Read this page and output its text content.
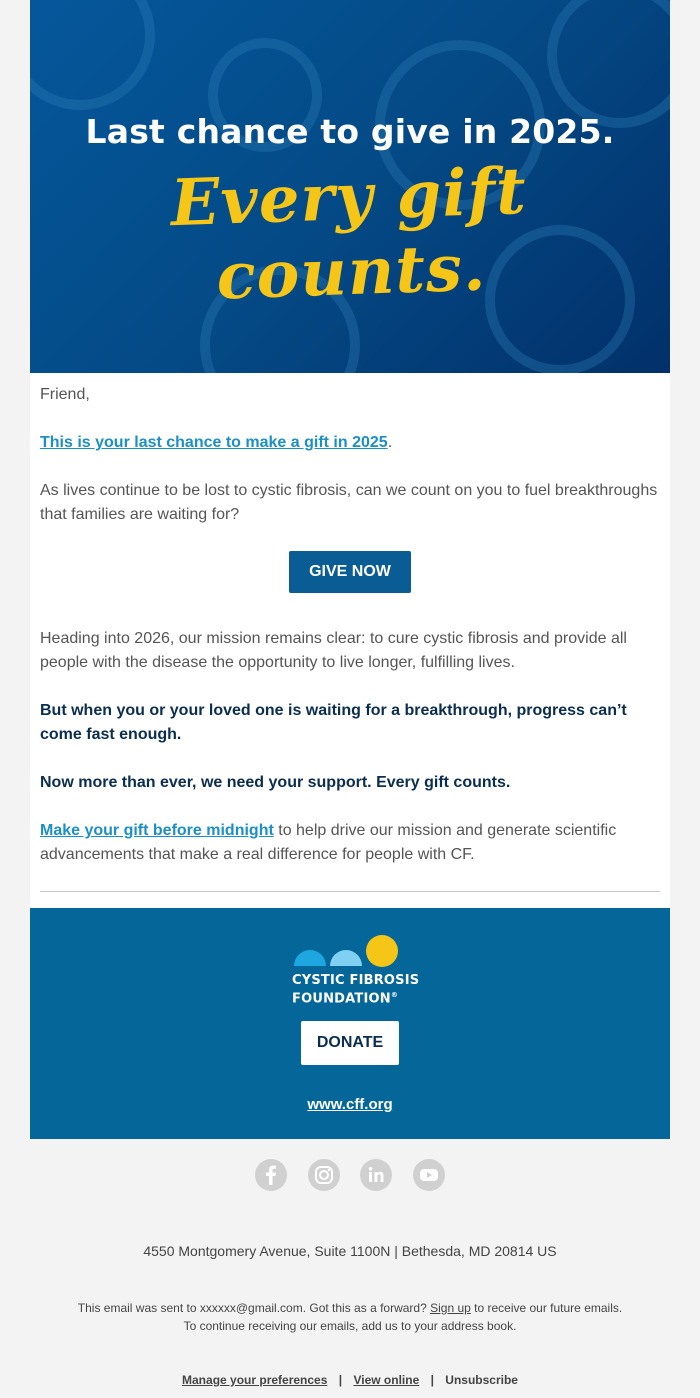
Last chance to give in 2025.
Every gift counts.

Friend,

This is your last chance to make a gift in 2025.

As lives continue to be lost to cystic fibrosis, can we count on you to fuel breakthroughs that families are waiting for?

GIVE NOW

Heading into 2026, our mission remains clear: to cure cystic fibrosis and provide all people with the disease the opportunity to live longer, fulfilling lives.

But when you or your loved one is waiting for a breakthrough, progress can’t come fast enough.

Now more than ever, we need your support. Every gift counts.

Make your gift before midnight to help drive our mission and generate scientific advancements that make a real difference for people with CF.

CYSTIC FIBROSIS
FOUNDATION®
DONATE
www.cff.org

4550 Montgomery Avenue, Suite 1100N | Bethesda, MD 20814 US
This email was sent to xxxxxx@gmail.com. Got this as a forward? Sign up to receive our future emails.
To continue receiving our emails, add us to your address book.
Manage your preferences | View online | Unsubscribe
